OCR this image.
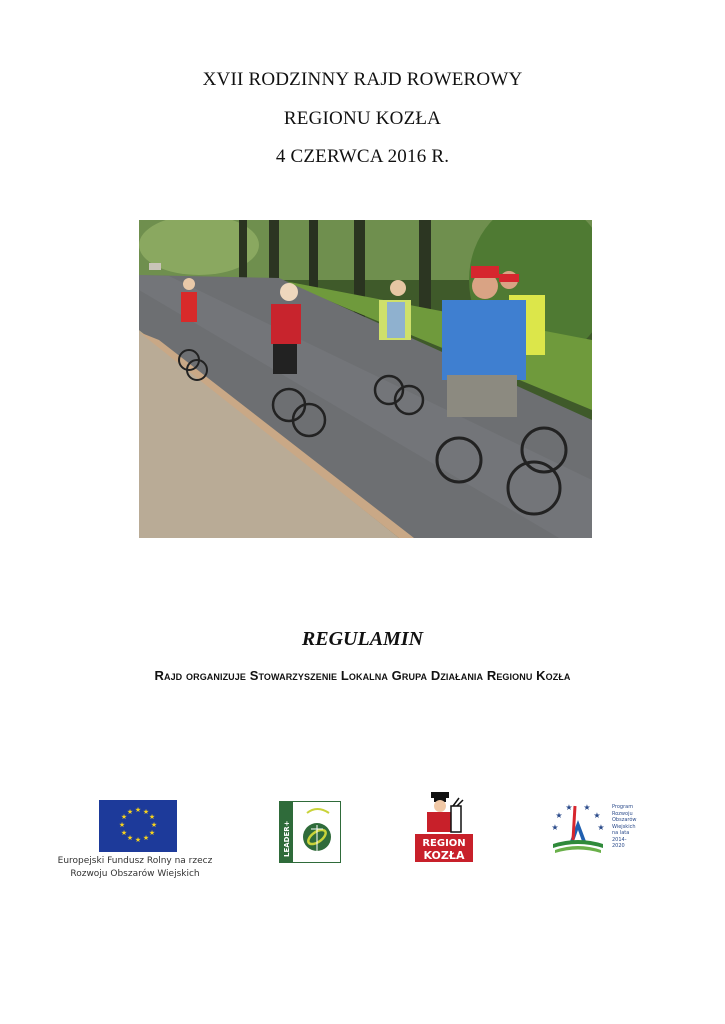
XVII RODZINNY RAJD ROWEROWY
REGIONU KOZŁA
4 CZERWCA 2016 R.
REGULAMIN
Rajd organizuje Stowarzyszenie Lokalna Grupa Działania Regionu Kozła
★ ★
★
★
★
★
★
★
★
★
★
★
Europejski Fundusz Rolny na rzecz
Rozwoju Obszarów Wiejskich
LEADER+	REGION
KOZŁA
★
★
★ ★
★
★
Program
Rozwoju
Obszarów
Wiejskich
na lata 2014-2020
